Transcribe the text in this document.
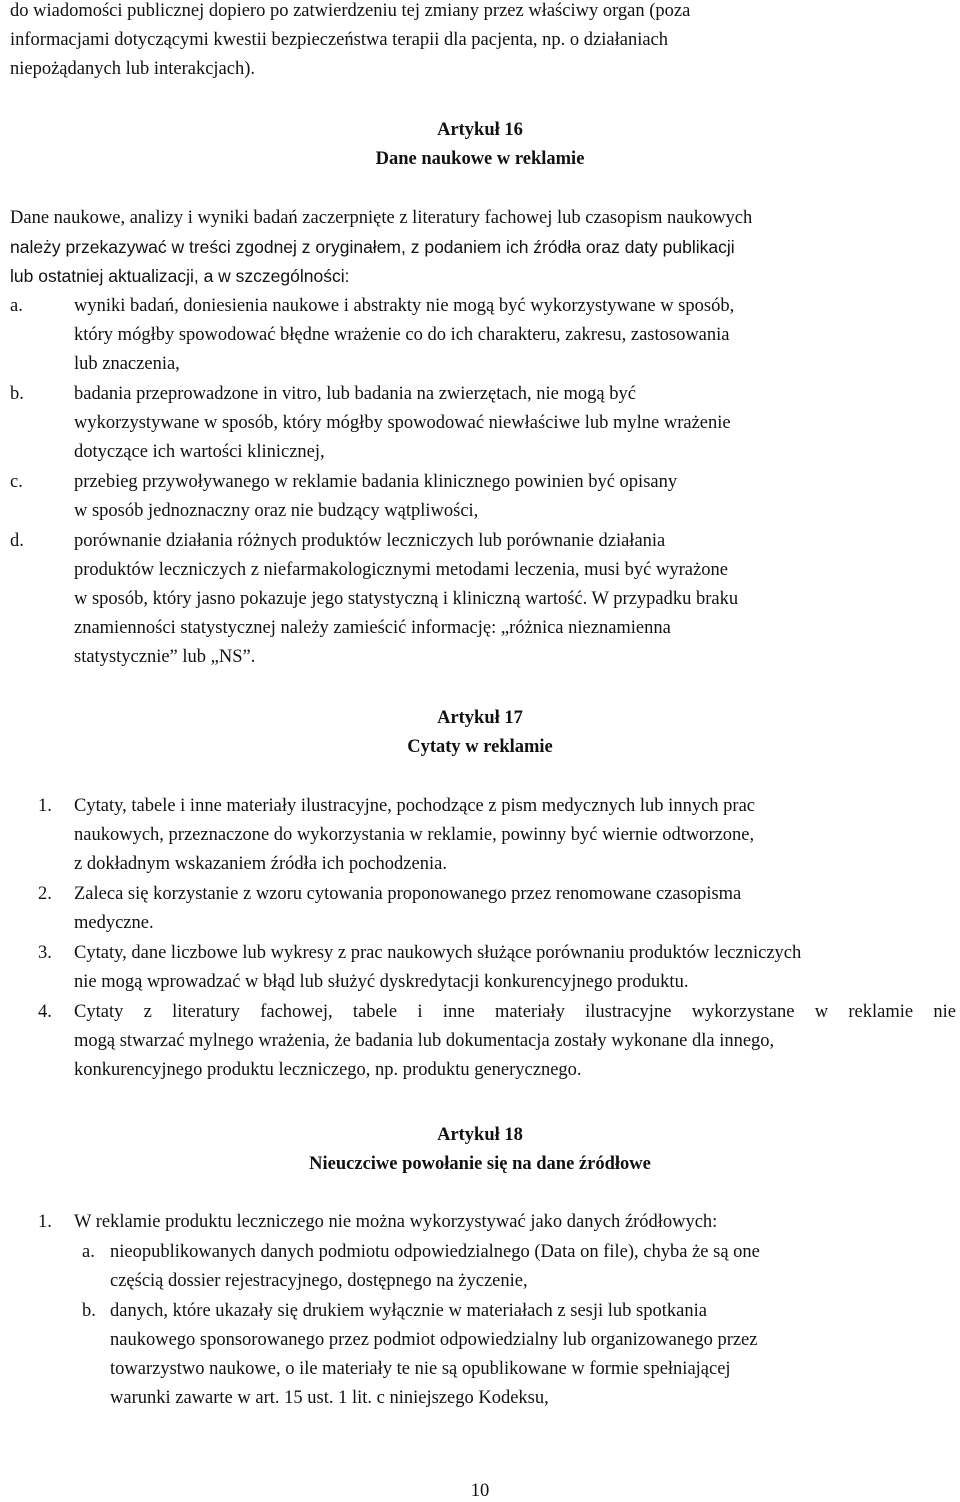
do wiadomości publicznej dopiero po zatwierdzeniu tej zmiany przez właściwy organ (poza
informacjami dotyczącymi kwestii bezpieczeństwa terapii dla pacjenta, np. o działaniach
niepożądanych lub interakcjach).
Artykuł 16
Dane naukowe w reklamie
Dane naukowe, analizy i wyniki badań zaczerpnięte z literatury fachowej lub czasopism naukowych
należy przekazywać w treści zgodnej z oryginałem, z podaniem ich źródła oraz daty publikacji
lub ostatniej aktualizacji, a w szczególności:
a.	wyniki badań, doniesienia naukowe i abstrakty nie mogą być wykorzystywane w sposób,
który mógłby spowodować błędne wrażenie co do ich charakteru, zakresu, zastosowania
lub znaczenia,
b.	badania przeprowadzone in vitro, lub badania na zwierzętach, nie mogą być
wykorzystywane w sposób, który mógłby spowodować niewłaściwe lub mylne wrażenie
dotyczące ich wartości klinicznej,
c.	przebieg przywoływanego w reklamie badania klinicznego powinien być opisany
w sposób jednoznaczny oraz nie budzący wątpliwości,
d.	porównanie działania różnych produktów leczniczych lub porównanie działania
produktów leczniczych z niefarmakologicznymi metodami leczenia, musi być wyrażone
w sposób, który jasno pokazuje jego statystyczną i kliniczną wartość. W przypadku braku
znamienności statystycznej należy zamieścić informację: „różnica nieznamienna
statystycznie” lub „NS”.
Artykuł 17
Cytaty w reklamie
1. Cytaty, tabele i inne materiały ilustracyjne, pochodzące z pism medycznych lub innych prac
naukowych, przeznaczone do wykorzystania w reklamie, powinny być wiernie odtworzone,
z dokładnym wskazaniem źródła ich pochodzenia.
2. Zaleca się korzystanie z wzoru cytowania proponowanego przez renomowane czasopisma
medyczne.
3. Cytaty, dane liczbowe lub wykresy z prac naukowych służące porównaniu produktów leczniczych
nie mogą wprowadzać w błąd lub służyć dyskredytacji konkurencyjnego produktu.
4. Cytaty z literatury fachowej, tabele i inne materiały ilustracyjne wykorzystane w reklamie nie
mogą stwarzać mylnego wrażenia, że badania lub dokumentacja zostały wykonane dla innego,
konkurencyjnego produktu leczniczego, np. produktu generycznego.
Artykuł 18
Nieuczciwe powołanie się na dane źródłowe
1. W reklamie produktu leczniczego nie można wykorzystywać jako danych źródłowych:
a. nieopublikowanych danych podmiotu odpowiedzialnego (Data on file), chyba że są one
częścią dossier rejestracyjnego, dostępnego na życzenie,
b. danych, które ukazały się drukiem wyłącznie w materiałach z sesji lub spotkania
naukowego sponsorowanego przez podmiot odpowiedzialny lub organizowanego przez
towarzystwo naukowe, o ile materiały te nie są opublikowane w formie spełniającej
warunki zawarte w art. 15 ust. 1 lit. c niniejszego Kodeksu,
10
